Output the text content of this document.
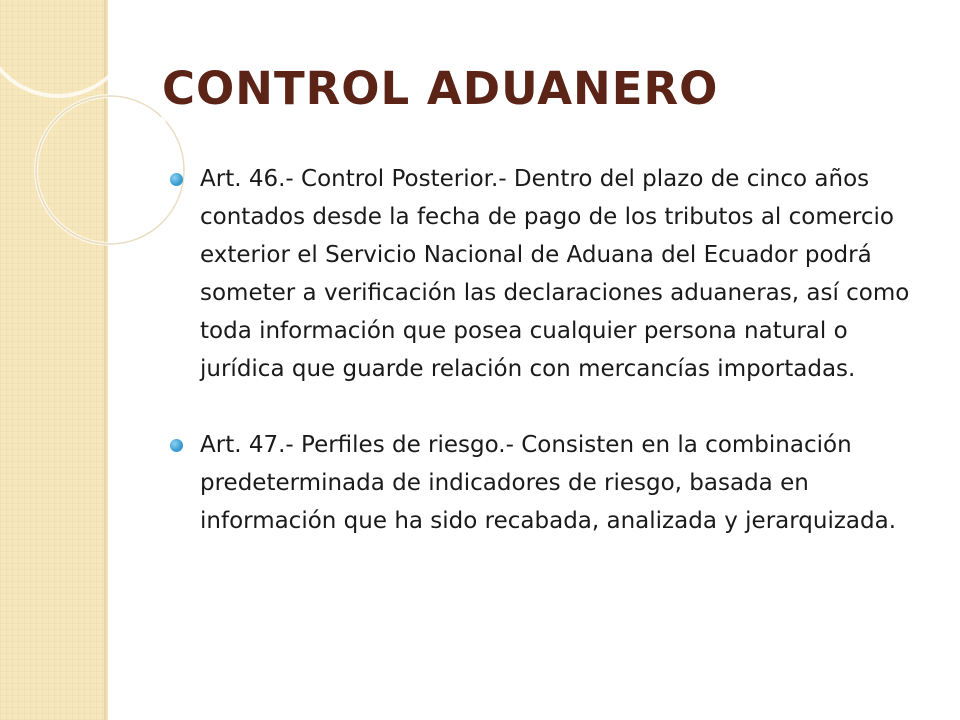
CONTROL ADUANERO
Art. 46.- Control Posterior.- Dentro del plazo de cinco años contados desde la fecha de pago de los tributos al comercio exterior el Servicio Nacional de Aduana del Ecuador podrá someter a verificación las declaraciones aduaneras, así como toda información que posea cualquier persona natural o jurídica que guarde relación con mercancías importadas.
Art. 47.- Perfiles de riesgo.- Consisten en la combinación predeterminada de indicadores de riesgo, basada en información que ha sido recabada, analizada y jerarquizada.
